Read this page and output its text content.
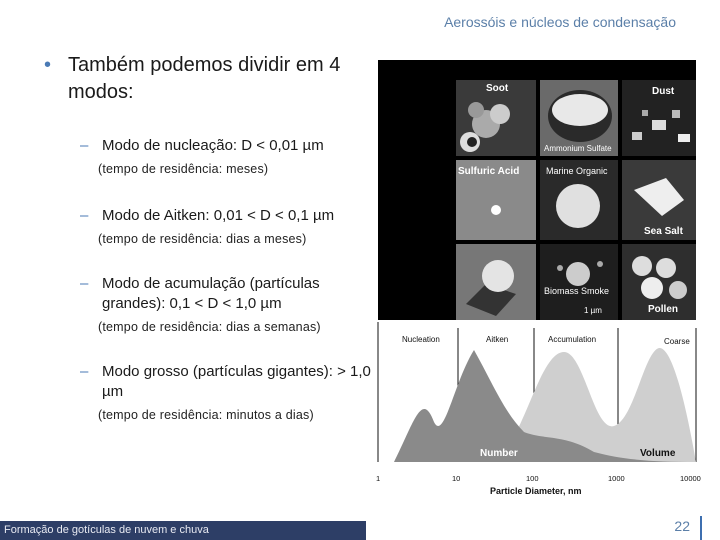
Aerossóis e núcleos de condensação
• Também podemos dividir em 4 modos:
– Modo de nucleação: D < 0,01 µm
(tempo de residência: meses)
– Modo de Aitken: 0,01 < D < 0,1 µm
(tempo de residência: dias a meses)
– Modo de acumulação (partículas grandes): 0,1 < D < 1,0 µm
(tempo de residência: dias a semanas)
– Modo grosso (partículas gigantes): > 1,0 µm
(tempo de residência: minutos a dias)
Soot
Ammonium Sulfate
Dust
Sulfuric Acid	Marine Organic
Sea Salt
Biomass Smoke
1 µm	Pollen
Nucleation	Aitken	Accumulation	Coarse
Number	Volume
1	10	100	1000	10000
Particle Diameter, nm
Formação de gotículas de nuvem e chuva	22
